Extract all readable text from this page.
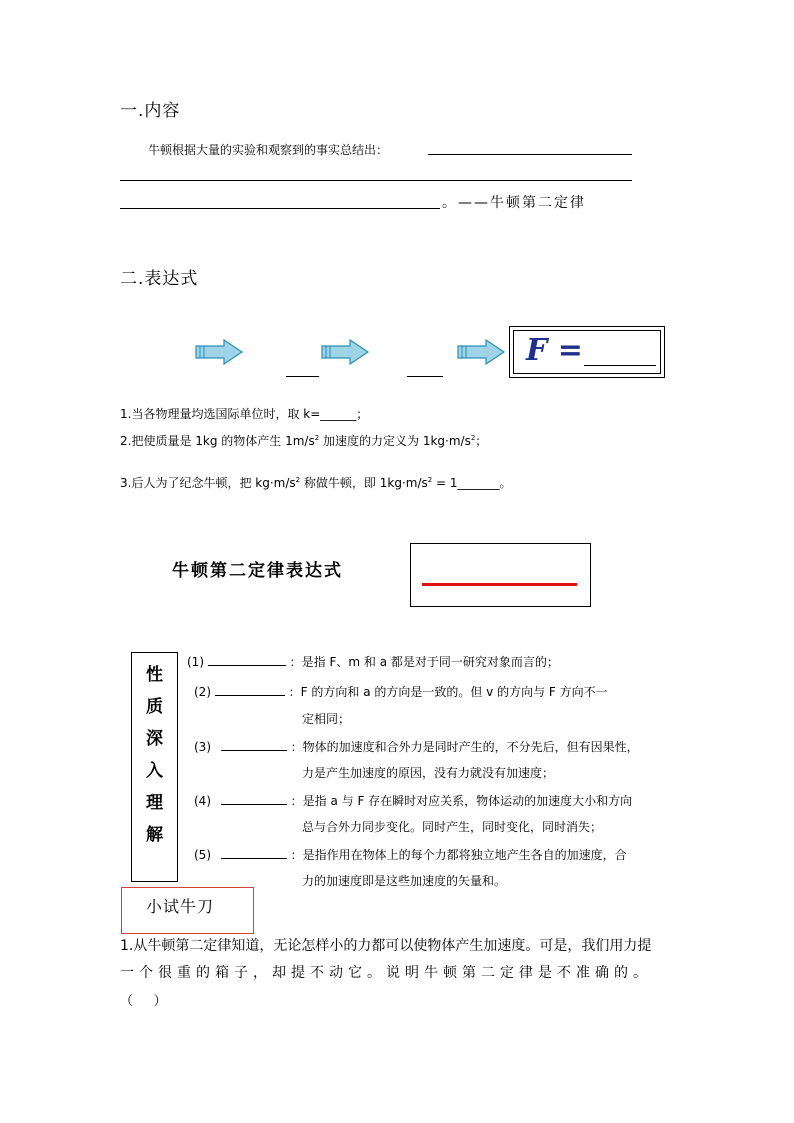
一.内容
牛顿根据大量的实验和观察到的事实总结出：
。——牛顿第二定律
二.表达式
F =
1.当各物理量均选国际单位时，取 k=______；
2.把使质量是 1kg 的物体产生 $1m/s^2$ 加速度的力定义为 $1kg\cdot m/s^2$；
3.后人为了纪念牛顿，把 $kg\cdot m/s^2$ 称做牛顿，即 $1kg\cdot m/s^2$ = 1_______。
牛顿第二定律表达式
性
质
深
入
理
解
(1)	：是指 F、m 和 a 都是对于同一研究对象而言的；
(2)	：F 的方向和 a 的方向是一致的。但 v 的方向与 F 方向不一
定相同；
(3)	：物体的加速度和合外力是同时产生的，不分先后，但有因果性，
力是产生加速度的原因，没有力就没有加速度；
(4)	：是指 a 与 F 存在瞬时对应关系，物体运动的加速度大小和方向
总与合外力同步变化。同时产生，同时变化，同时消失；
(5)	：是指作用在物体上的每个力都将独立地产生各自的加速度，合
力的加速度即是这些加速度的矢量和。
小试牛刀
1.从牛顿第二定律知道，无论怎样小的力都可以使物体产生加速度。可是，我们用力提
一个很重的箱子，却提不动它。说明牛顿第二定律是不准确的。
（     ）
